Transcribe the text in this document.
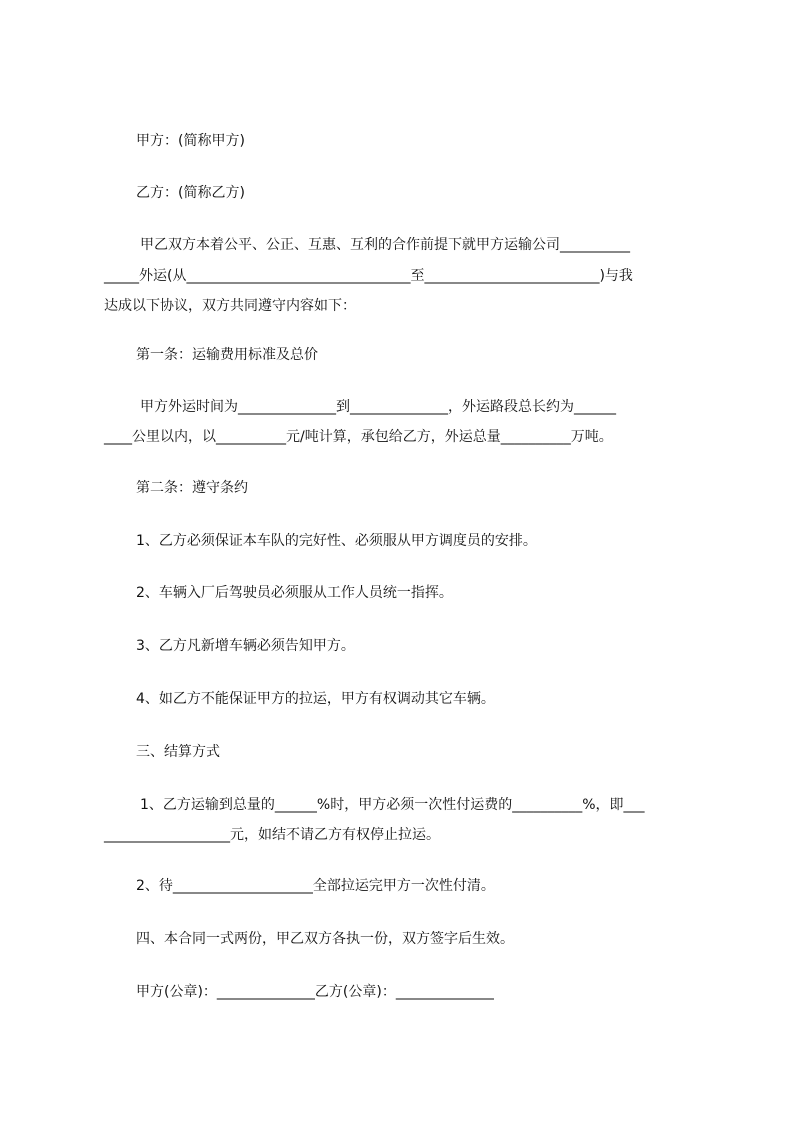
甲方：(简称甲方)
乙方：(简称乙方)
甲乙双方本着公平、公正、互惠、互利的合作前提下就甲方运输公司__________
_____外运(从________________________________至_________________________)与我
达成以下协议，双方共同遵守内容如下：
第一条：运输费用标准及总价
甲方外运时间为______________到______________，外运路段总长约为______
____公里以内，以__________元/吨计算，承包给乙方，外运总量__________万吨。
第二条：遵守条约
1、乙方必须保证本车队的完好性、必须服从甲方调度员的安排。
2、车辆入厂后驾驶员必须服从工作人员统一指挥。
3、乙方凡新增车辆必须告知甲方。
4、如乙方不能保证甲方的拉运，甲方有权调动其它车辆。
三、结算方式
1、乙方运输到总量的______%时，甲方必须一次性付运费的__________%，即___
__________________元，如结不请乙方有权停止拉运。
2、待____________________全部拉运完甲方一次性付清。
四、本合同一式两份，甲乙双方各执一份，双方签字后生效。
甲方(公章)：______________乙方(公章)：______________
